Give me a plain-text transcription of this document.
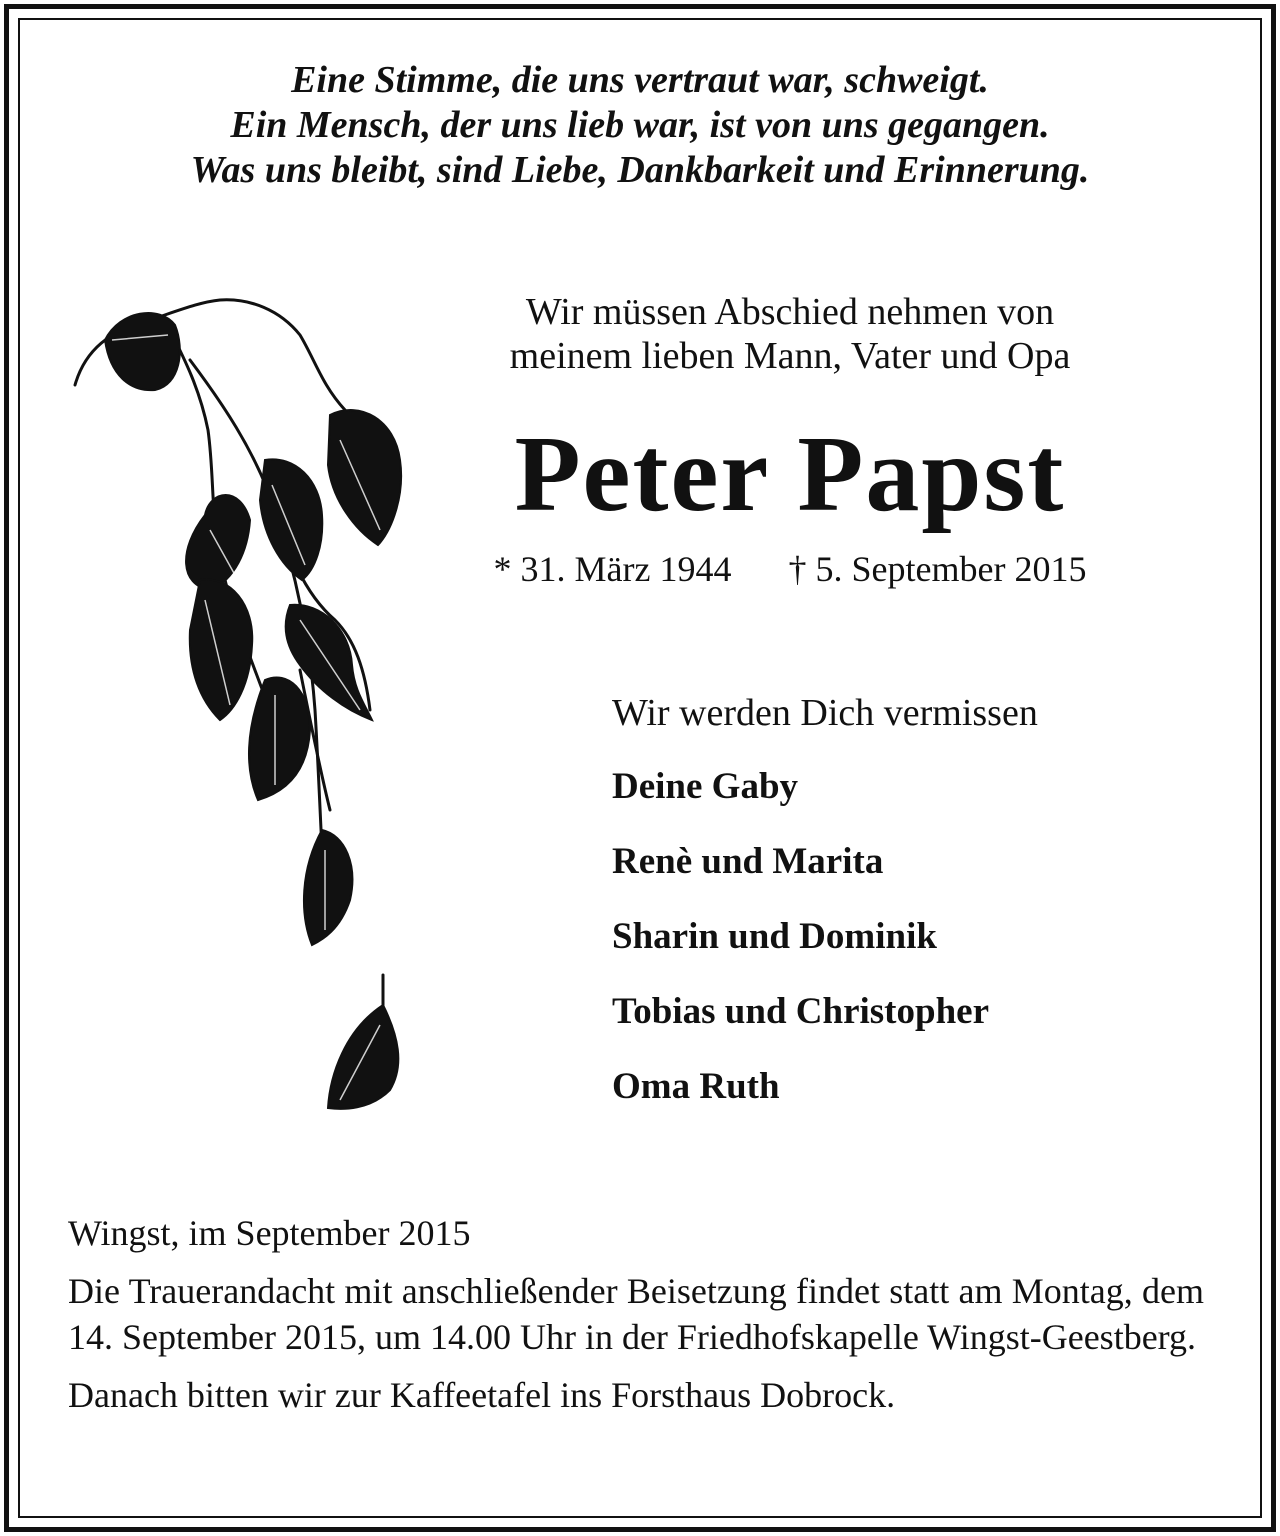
Eine Stimme, die uns vertraut war, schweigt.
Ein Mensch, der uns lieb war, ist von uns gegangen.
Was uns bleibt, sind Liebe, Dankbarkeit und Erinnerung.
Wir müssen Abschied nehmen von
meinem lieben Mann, Vater und Opa
Peter Papst
* 31. März 1944 † 5. September 2015
Wir werden Dich vermissen
Deine Gaby
Renè und Marita
Sharin und Dominik
Tobias und Christopher
Oma Ruth

Wingst, im September 2015

Die Trauerandacht mit anschließender Beisetzung findet statt am Montag, dem 14. September 2015, um 14.00 Uhr in der Friedhofskapelle Wingst-Geestberg.

Danach bitten wir zur Kaffeetafel ins Forsthaus Dobrock.
